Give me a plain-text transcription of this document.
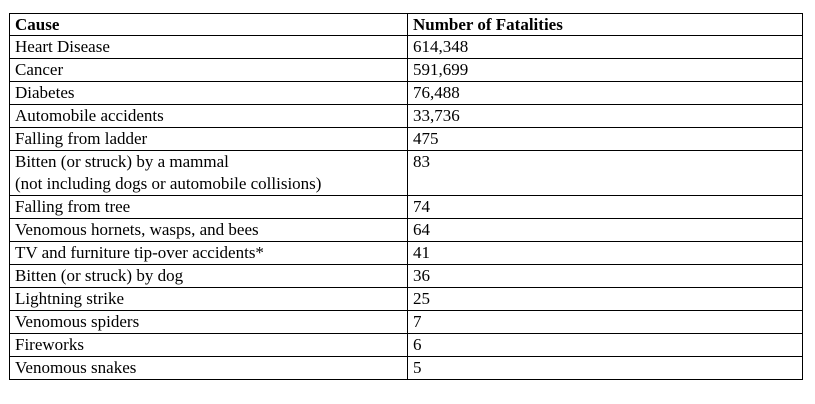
Cause	Number of Fatalities
Heart Disease	614,348
Cancer	591,699
Diabetes	76,488
Automobile accidents	33,736
Falling from ladder	475

Bitten (or struck) by a mammal
(not including dogs or automobile collisions)	83
Falling from tree	74
Venomous hornets, wasps, and bees	64
TV and furniture tip-over accidents*	41
Bitten (or struck) by dog	36
Lightning strike	25
Venomous spiders	7
Fireworks	6
Venomous snakes	5
